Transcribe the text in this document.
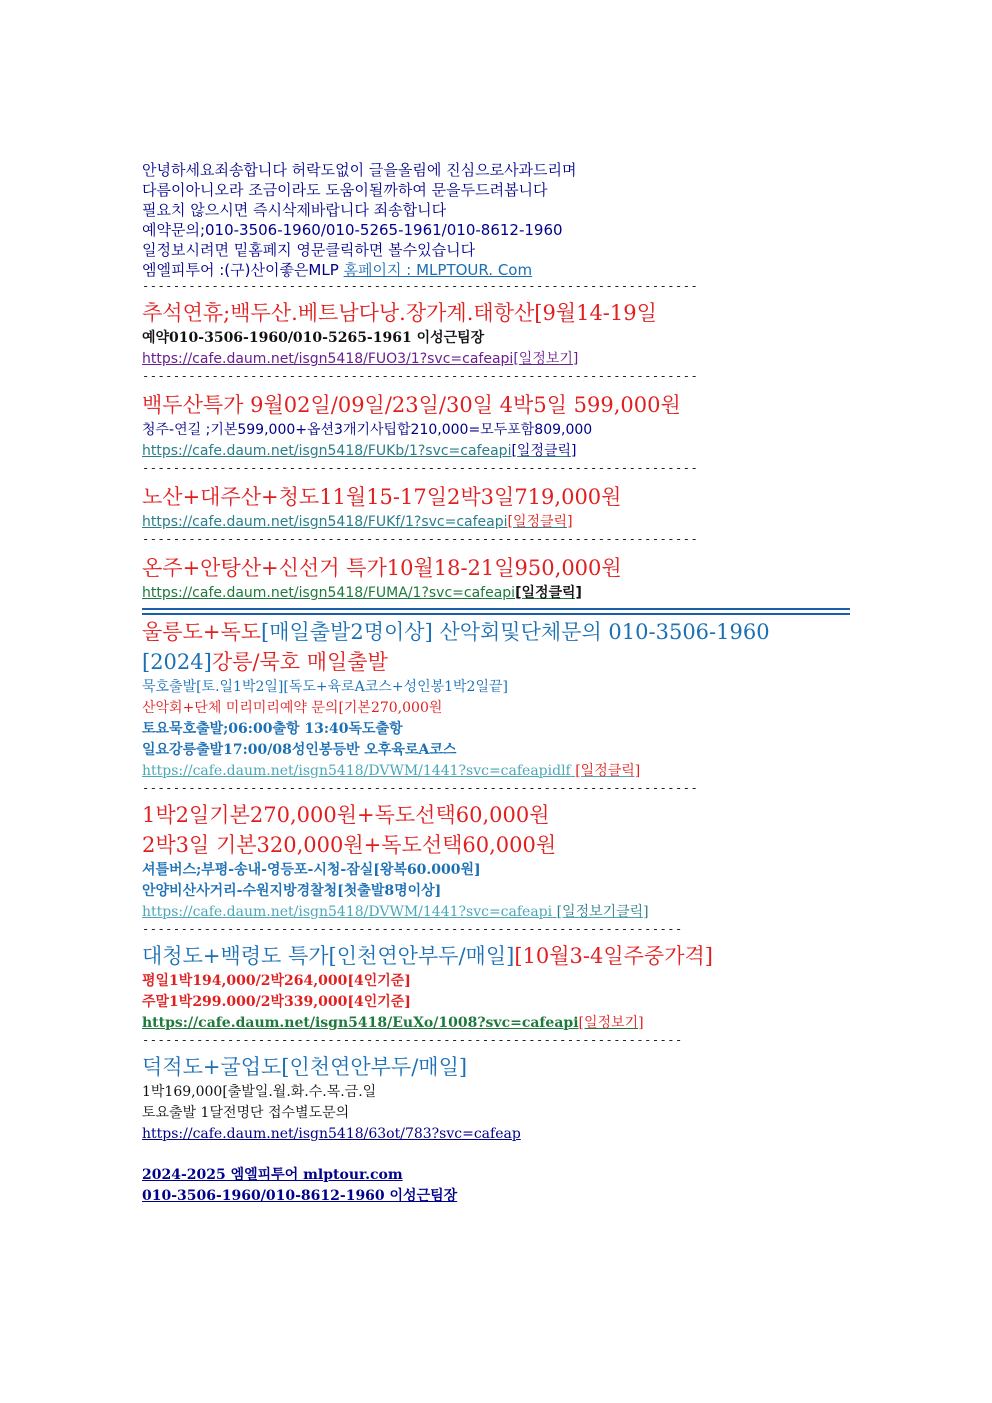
안녕하세요죄송합니다 허락도없이 글을올림에 진심으로사과드리며
다름이아니오라 조금이라도 도움이될까하여 문을두드려봅니다
필요치 않으시면 즉시삭제바랍니다 죄송합니다
예약문의;010-3506-1960/010-5265-1961/010-8612-1960
일정보시려면 밑홈페지 영문클릭하면 볼수있습니다
엠엘피투어 :(구)산이좋은MLP 홈페이지 : MLPTOUR. Com
------------------------------------------------------------------------
추석연휴;백두산.베트남다낭.장가계.태항산[9월14-19일
예약010-3506-1960/010-5265-1961 이성근팀장
https://cafe.daum.net/isgn5418/FUO3/1?svc=cafeapi[일정보기]
------------------------------------------------------------------------
백두산특가 9월02일/09일/23일/30일 4박5일 599,000원
청주-연길 ;기본599,000+옵션3개기사팁합210,000=모두포함809,000
https://cafe.daum.net/isgn5418/FUKb/1?svc=cafeapi[일정클릭]
------------------------------------------------------------------------
노산+대주산+청도11월15-17일2박3일719,000원
https://cafe.daum.net/isgn5418/FUKf/1?svc=cafeapi[일정클릭]
------------------------------------------------------------------------
온주+안탕산+신선거 특가10월18-21일950,000원
https://cafe.daum.net/isgn5418/FUMA/1?svc=cafeapi[일정클릭]
울릉도+독도[매일출발2명이상] 산악회및단체문의 010-3506-1960
[2024]강릉/묵호 매일출발
묵호출발[토.일1박2일][독도+육로A코스+성인봉1박2일끝]
산악회+단체 미리미리예약 문의[기본270,000원
토요묵호출발;06:00출항 13:40독도출항
일요강릉출발17:00/08성인봉등반 오후육로A코스
https://cafe.daum.net/isgn5418/DVWM/1441?svc=cafeapidlf [일정클릭]
------------------------------------------------------------------------
1박2일기본270,000원+독도선택60,000원
2박3일 기본320,000원+독도선택60,000원
셔틀버스;부평-송내-영등포-시청-잠실[왕복60.000원]
안양비산사거리-수원지방경찰청[첫출발8명이상]
https://cafe.daum.net/isgn5418/DVWM/1441?svc=cafeapi [일정보기클릭]
----------------------------------------------------------------------
대청도+백령도 특가[인천연안부두/매일][10월3-4일주중가격]
평일1박194,000/2박264,000[4인기준]
주말1박299.000/2박339,000[4인기준]
https://cafe.daum.net/isgn5418/EuXo/1008?svc=cafeapi[일정보기]
----------------------------------------------------------------------
덕적도+굴업도[인천연안부두/매일]
1박169,000[출발일.월.화.수.목.금.일
토요출발 1달전명단 접수별도문의
https://cafe.daum.net/isgn5418/63ot/783?svc=cafeap
2024-2025 엠엘피투어 mlptour.com
010-3506-1960/010-8612-1960 이성근팀장
